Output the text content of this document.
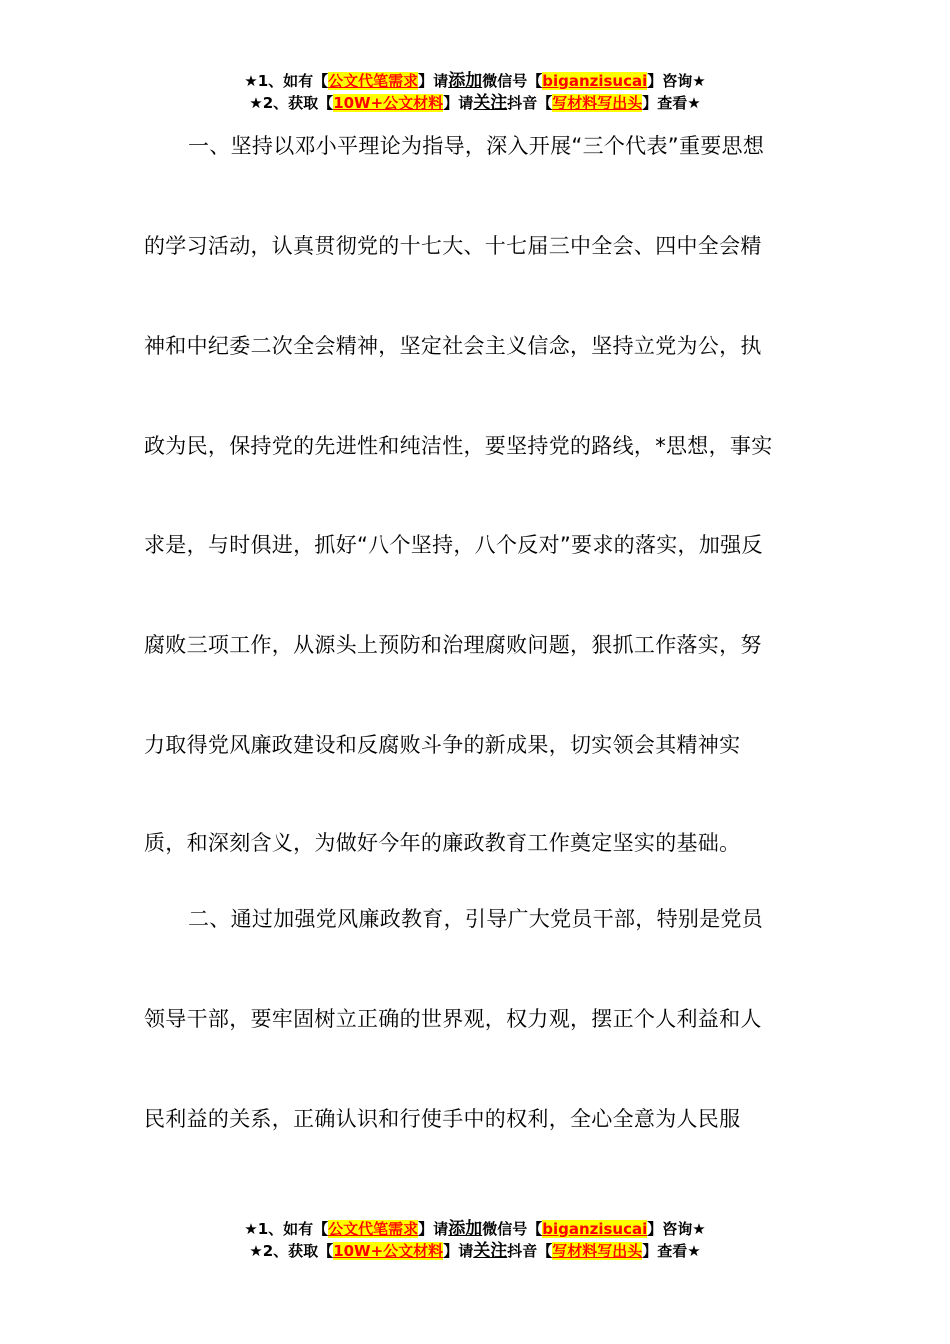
★1、如有【公文代笔需求】请添加微信号【biganzisucai】咨询★
★2、获取【10W+公文材料】请关注抖音【写材料写出头】查看★
一、坚持以邓小平理论为指导，深入开展“三个代表”重要思想
的学习活动，认真贯彻党的十七大、十七届三中全会、四中全会精
神和中纪委二次全会精神，坚定社会主义信念，坚持立党为公，执
政为民，保持党的先进性和纯洁性，要坚持党的路线，*思想，事实
求是，与时俱进，抓好“八个坚持，八个反对”要求的落实，加强反
腐败三项工作，从源头上预防和治理腐败问题，狠抓工作落实，努
力取得党风廉政建设和反腐败斗争的新成果，切实领会其精神实
质，和深刻含义，为做好今年的廉政教育工作奠定坚实的基础。
二、通过加强党风廉政教育，引导广大党员干部，特别是党员
领导干部，要牢固树立正确的世界观，权力观，摆正个人利益和人
民利益的关系，正确认识和行使手中的权利，全心全意为人民服
★1、如有【公文代笔需求】请添加微信号【biganzisucai】咨询★
★2、获取【10W+公文材料】请关注抖音【写材料写出头】查看★
